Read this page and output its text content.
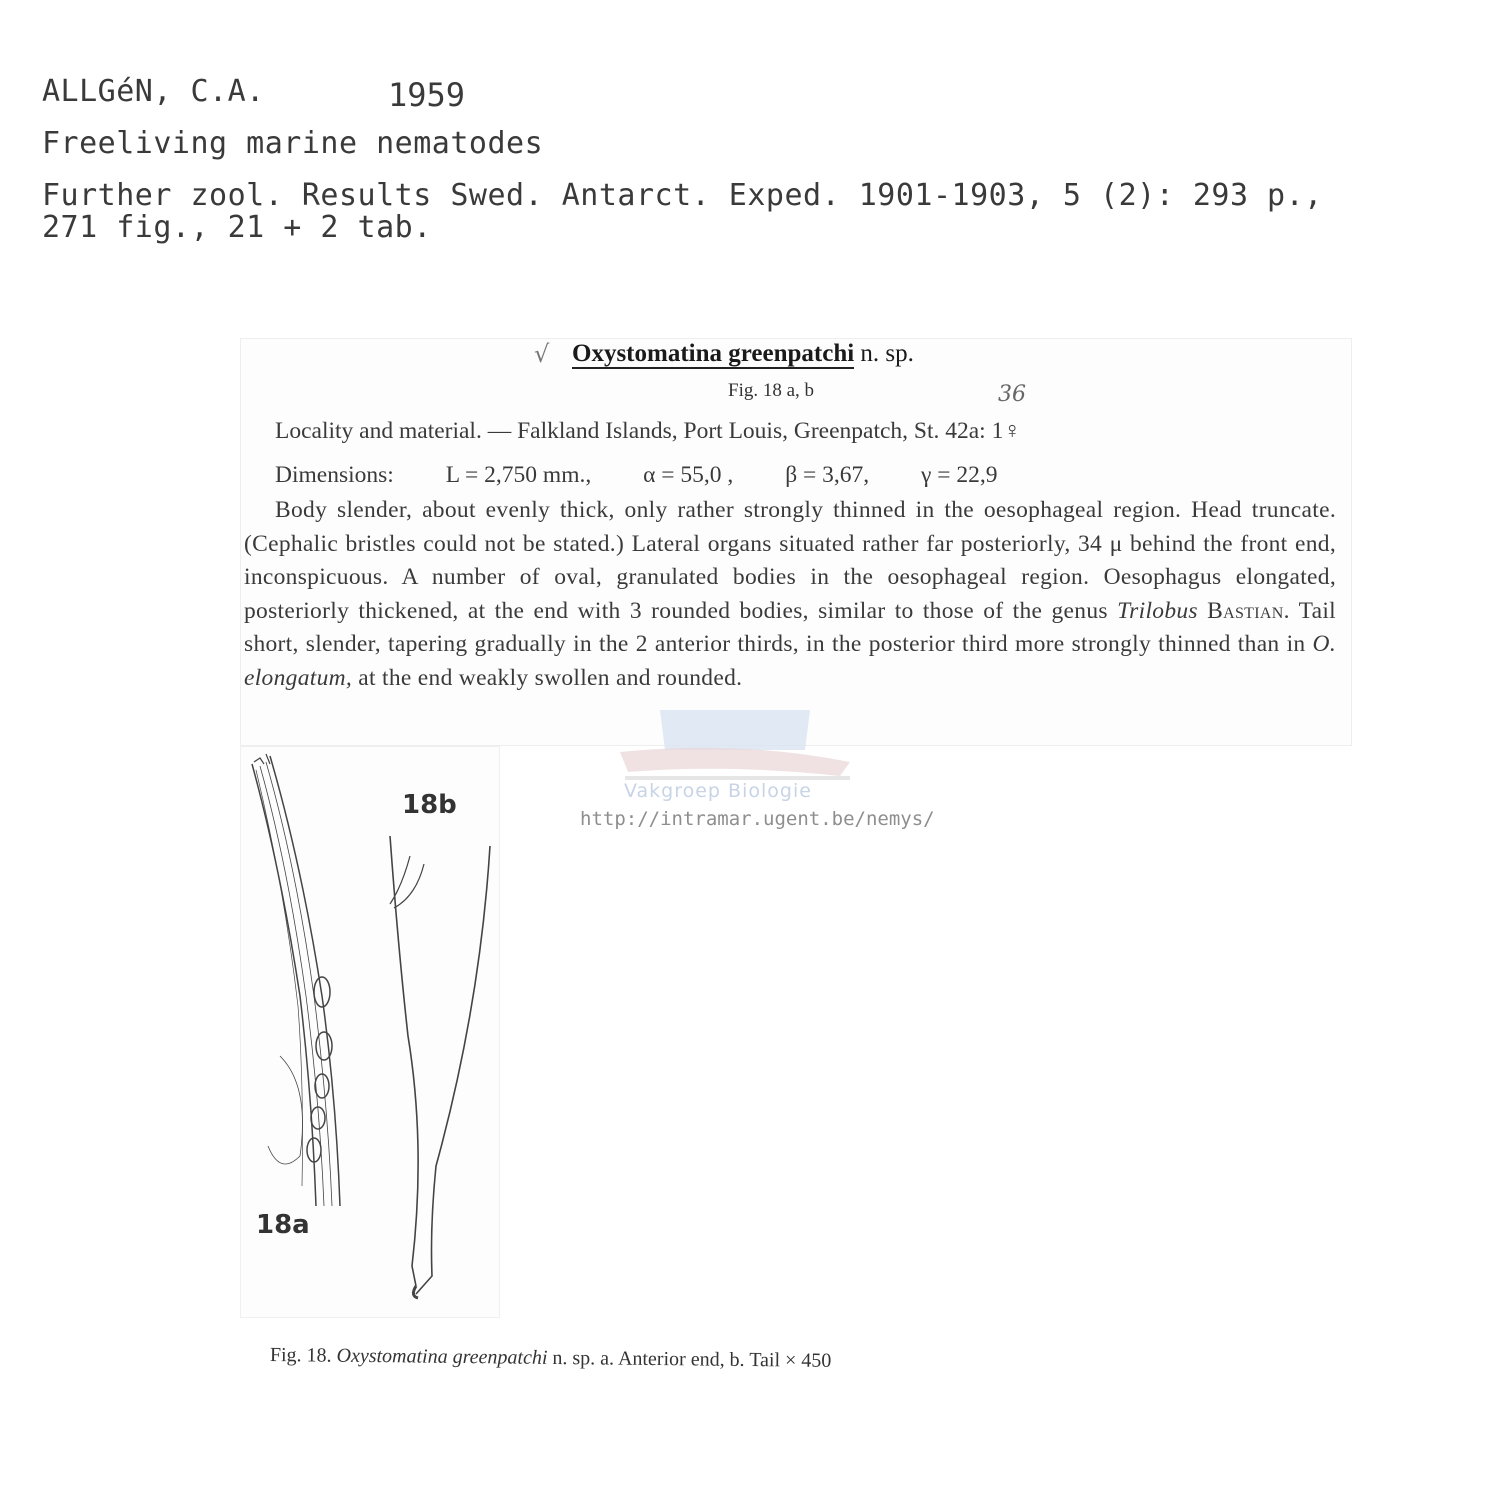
ALLGéN, C.A.	1959
Freeliving marine nematodes
Further zool. Results Swed. Antarct. Exped. 1901-1903, 5 (2): 293 p.,
271 fig., 21 + 2 tab.
√ Oxystomatina greenpatchi n. sp.
Fig. 18 a, b	36
Locality and material. — Falkland Islands, Port Louis, Greenpatch, St. 42a: 1♀
Dimensions: L = 2,750 mm., α = 55,0 , β = 3,67, γ = 22,9
Body slender, about evenly thick, only rather strongly thinned in the oesophageal region. Head truncate. (Cephalic bristles could not be stated.) Lateral organs situated rather far posteriorly, 34 μ behind the front end, inconspicuous. A number of oval, granulated bodies in the oesophageal region. Oesophagus elongated, posteriorly thickened, at the end with 3 rounded bodies, similar to those of the genus Trilobus Bastian. Tail short, slender, tapering gradually in the 2 anterior thirds, in the posterior third more strongly thinned than in O. elongatum, at the end weakly swollen and rounded.
Vakgroep Biologie
http://intramar.ugent.be/nemys/
18a
18b
Fig. 18. Oxystomatina greenpatchi n. sp. a. Anterior end, b. Tail × 450
